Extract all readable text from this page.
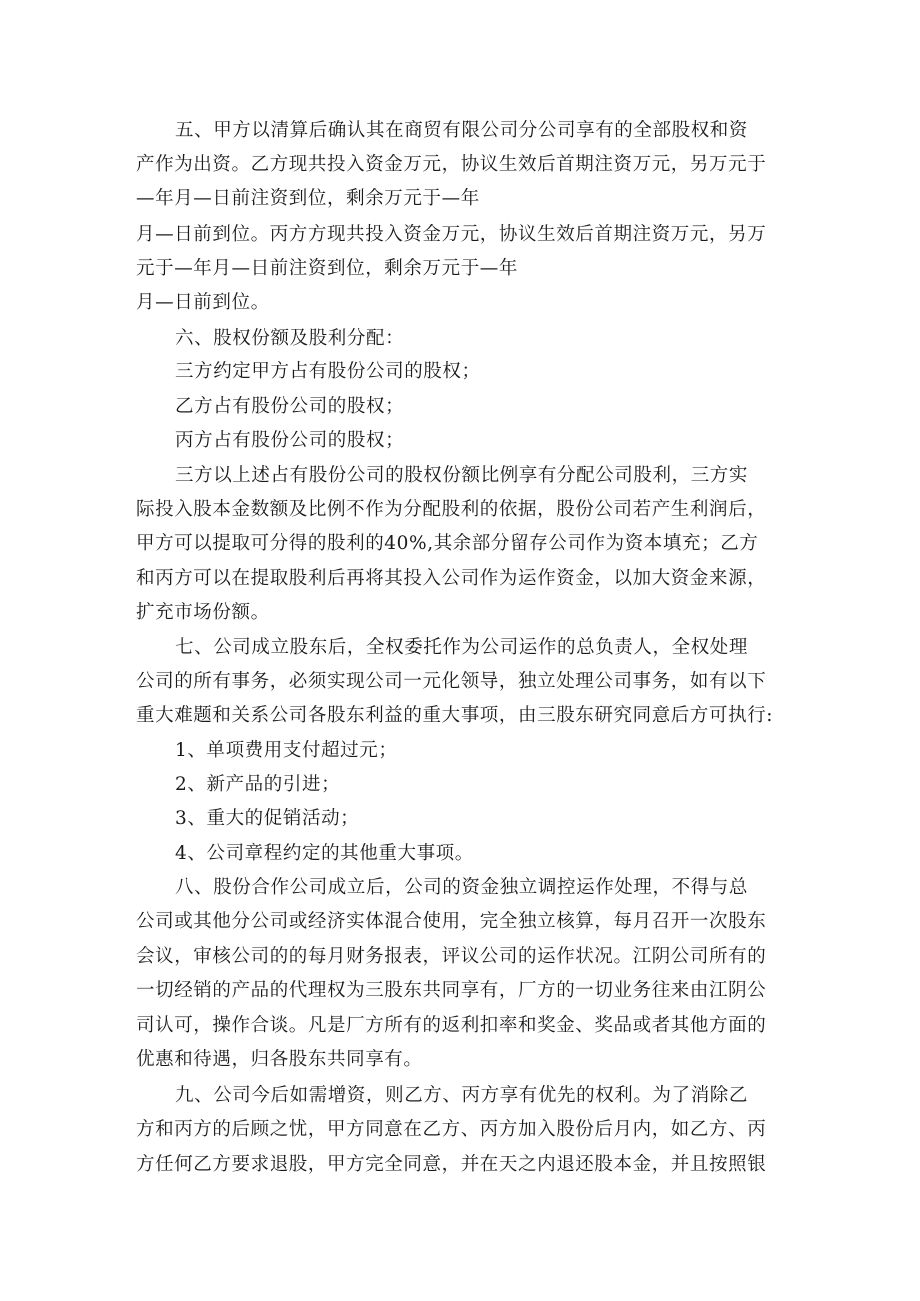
五、甲方以清算后确认其在商贸有限公司分公司享有的全部股权和资
产作为出资。乙方现共投入资金万元，协议生效后首期注资万元，另万元于
—年月—日前注资到位，剩余万元于—年
月—日前到位。丙方方现共投入资金万元，协议生效后首期注资万元，另万
元于—年月—日前注资到位，剩余万元于—年
月—日前到位。
六、股权份额及股利分配：
三方约定甲方占有股份公司的股权；
乙方占有股份公司的股权；
丙方占有股份公司的股权；
三方以上述占有股份公司的股权份额比例享有分配公司股利，三方实
际投入股本金数额及比例不作为分配股利的依据，股份公司若产生利润后，
甲方可以提取可分得的股利的40%,其余部分留存公司作为资本填充；乙方
和丙方可以在提取股利后再将其投入公司作为运作资金，以加大资金来源，
扩充市场份额。
七、公司成立股东后，全权委托作为公司运作的总负责人，全权处理
公司的所有事务，必须实现公司一元化领导，独立处理公司事务，如有以下
重大难题和关系公司各股东利益的重大事项，由三股东研究同意后方可执行:
1、单项费用支付超过元；
2、新产品的引进；
3、重大的促销活动；
4、公司章程约定的其他重大事项。
八、股份合作公司成立后，公司的资金独立调控运作处理，不得与总
公司或其他分公司或经济实体混合使用，完全独立核算，每月召开一次股东
会议，审核公司的的每月财务报表，评议公司的运作状况。江阴公司所有的
一切经销的产品的代理权为三股东共同享有，厂方的一切业务往来由江阴公
司认可，操作合谈。凡是厂方所有的返利扣率和奖金、奖品或者其他方面的
优惠和待遇，归各股东共同享有。
九、公司今后如需增资，则乙方、丙方享有优先的权利。为了消除乙
方和丙方的后顾之忧，甲方同意在乙方、丙方加入股份后月内，如乙方、丙
方任何乙方要求退股，甲方完全同意，并在天之内退还股本金，并且按照银
